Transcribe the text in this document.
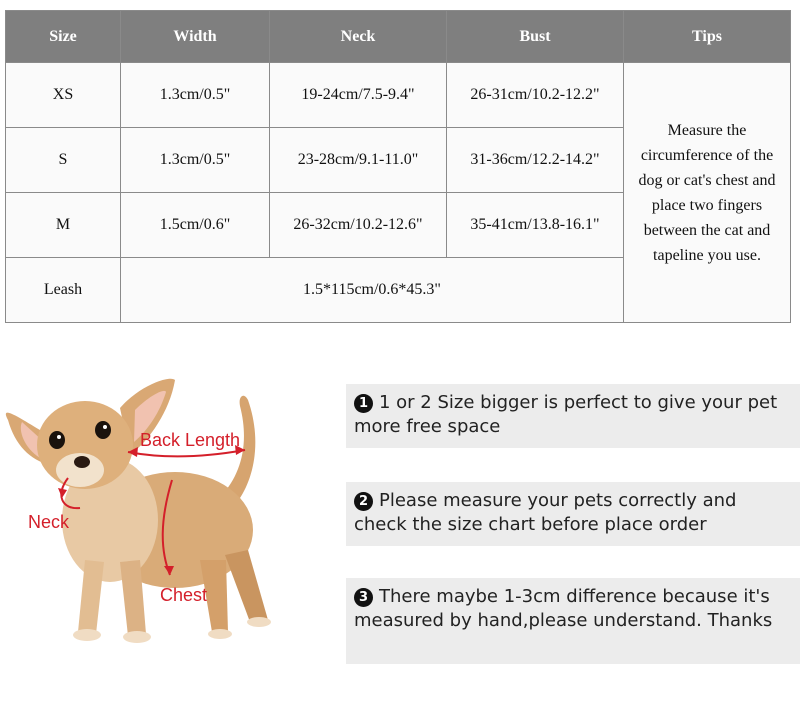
Size	Width	Neck	Bust	Tips
XS	1.3cm/0.5"	19-24cm/7.5-9.4"	26-31cm/10.2-12.2"	Measure the circumference of the dog or cat's chest and place two fingers between the cat and tapeline you use.
S	1.3cm/0.5"	23-28cm/9.1-11.0"	31-36cm/12.2-14.2"	
M	1.5cm/0.6"	26-32cm/10.2-12.6"	35-41cm/13.8-16.1"	
Leash	1.5*115cm/0.6*45.3"			
Back Length
Neck
Chest
1 1 or 2 Size bigger is perfect to give your pet more free space
2 Please measure your pets correctly and check the size chart before place order
3 There maybe 1-3cm difference because it's measured by hand,please understand. Thanks
